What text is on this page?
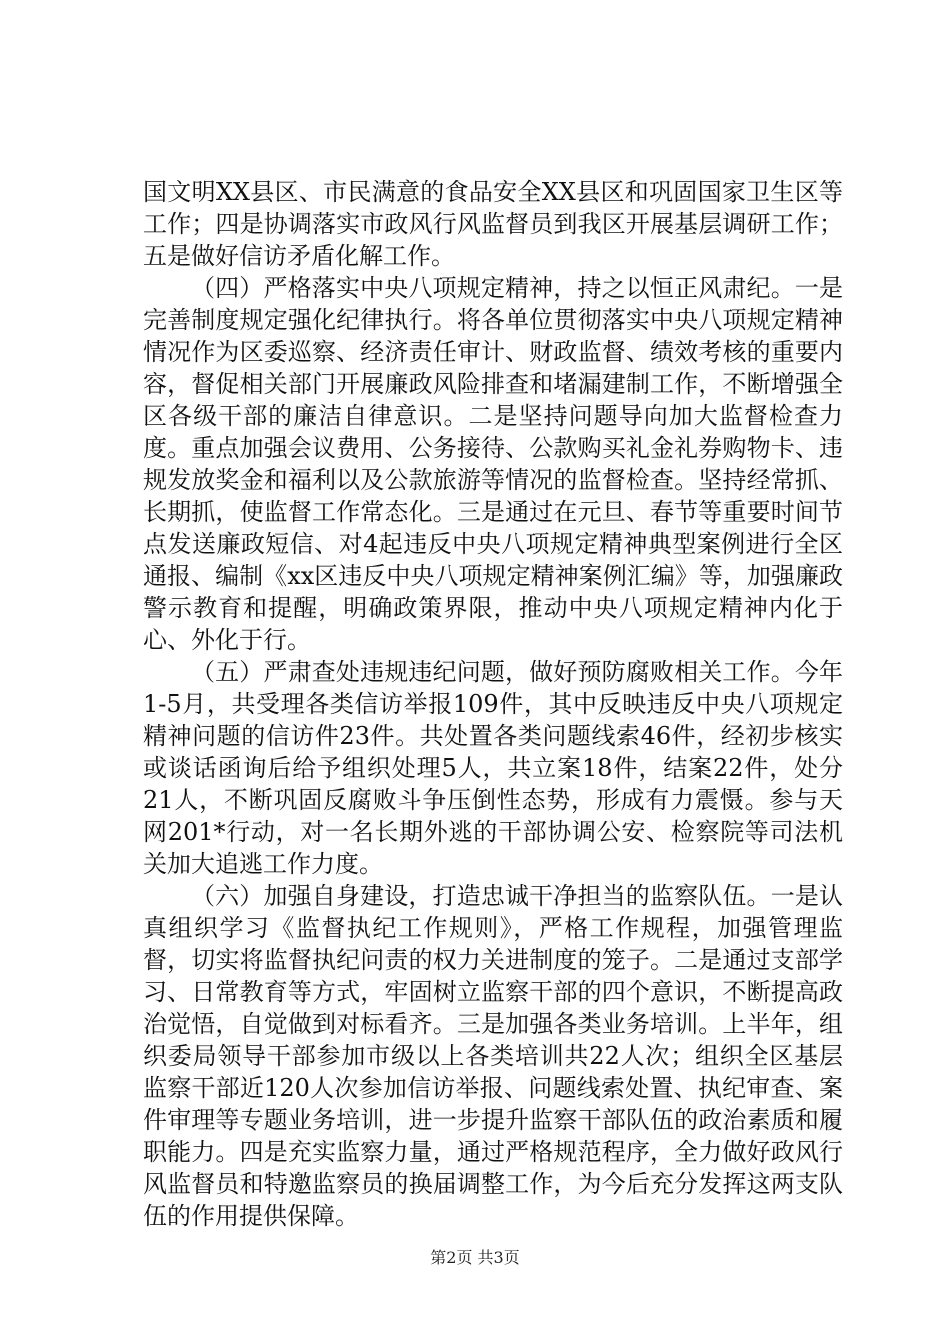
国文明XX县区、市民满意的食品安全XX县区和巩固国家卫生区等工作；四是协调落实市政风行风监督员到我区开展基层调研工作；五是做好信访矛盾化解工作。

（四）严格落实中央八项规定精神，持之以恒正风肃纪。一是完善制度规定强化纪律执行。将各单位贯彻落实中央八项规定精神情况作为区委巡察、经济责任审计、财政监督、绩效考核的重要内容，督促相关部门开展廉政风险排查和堵漏建制工作，不断增强全区各级干部的廉洁自律意识。二是坚持问题导向加大监督检查力度。重点加强会议费用、公务接待、公款购买礼金礼券购物卡、违规发放奖金和福利以及公款旅游等情况的监督检查。坚持经常抓、长期抓，使监督工作常态化。三是通过在元旦、春节等重要时间节点发送廉政短信、对4起违反中央八项规定精神典型案例进行全区通报、编制《xx区违反中央八项规定精神案例汇编》等，加强廉政警示教育和提醒，明确政策界限，推动中央八项规定精神内化于心、外化于行。

（五）严肃查处违规违纪问题，做好预防腐败相关工作。今年1-5月，共受理各类信访举报109件，其中反映违反中央八项规定精神问题的信访件23件。共处置各类问题线索46件，经初步核实或谈话函询后给予组织处理5人，共立案18件，结案22件，处分21人，不断巩固反腐败斗争压倒性态势，形成有力震慑。参与天网201*行动，对一名长期外逃的干部协调公安、检察院等司法机关加大追逃工作力度。

（六）加强自身建设，打造忠诚干净担当的监察队伍。一是认真组织学习《监督执纪工作规则》，严格工作规程，加强管理监督，切实将监督执纪问责的权力关进制度的笼子。二是通过支部学习、日常教育等方式，牢固树立监察干部的四个意识，不断提高政治觉悟，自觉做到对标看齐。三是加强各类业务培训。上半年，组织委局领导干部参加市级以上各类培训共22人次；组织全区基层监察干部近120人次参加信访举报、问题线索处置、执纪审查、案件审理等专题业务培训，进一步提升监察干部队伍的政治素质和履职能力。四是充实监察力量，通过严格规范程序，全力做好政风行风监督员和特邀监察员的换届调整工作，为今后充分发挥这两支队伍的作用提供保障。

第2页 共3页
